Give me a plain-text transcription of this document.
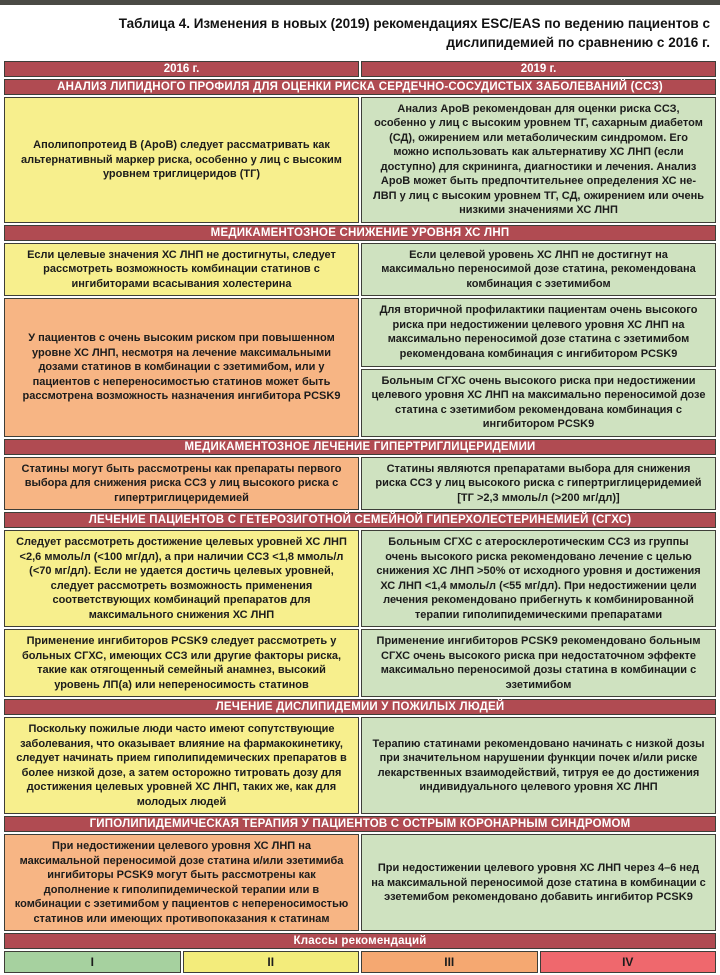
Таблица 4. Изменения в новых (2019) рекомендациях ESC/EAS по ведению пациентов с дислипидемией по сравнению с 2016 г.
2016 г.	2019 г.
АНАЛИЗ ЛИПИДНОГО ПРОФИЛЯ ДЛЯ ОЦЕНКИ РИСКА СЕРДЕЧНО-СОСУДИСТЫХ ЗАБОЛЕВАНИЙ (ССЗ)	
Аполипопротеид В (АроВ) следует рассматривать как альтернативный маркер риска, особенно у лиц с высоким уровнем триглицеридов (ТГ)	Анализ АроВ рекомендован для оценки риска ССЗ, особенно у лиц с высоким уровнем ТГ, сахарным диабетом (СД), ожирением или метаболическим синдромом. Его можно использовать как альтернативу ХС ЛНП (если доступно) для скрининга, диагностики и лечения. Анализ АроВ может быть предпочтительнее определения ХС не-ЛВП у лиц с высоким уровнем ТГ, СД, ожирением или очень низкими значениями ХС ЛНП
МЕДИКАМЕНТОЗНОЕ СНИЖЕНИЕ УРОВНЯ ХС ЛНП	
Если целевые значения ХС ЛНП не достигнуты, следует рассмотреть возможность комбинации статинов с ингибиторами всасывания холестерина	Если целевой уровень ХС ЛНП не достигнут на максимально переносимой дозе статина, рекомендована комбинация с эзетимибом
У пациентов с очень высоким риском при повышенном уровне ХС ЛНП, несмотря на лечение максимальными дозами статинов в комбинации с эзетимибом, или у пациентов с непереносимостью статинов может быть рассмотрена возможность назначения ингибитора PCSK9	Для вторичной профилактики пациентам очень высокого риска при недостижении целевого уровня ХС ЛНП на максимально переносимой дозе статина с эзетимибом рекомендована комбинация с ингибитором PCSK9
	Больным СГХС очень высокого риска при недостижении целевого уровня ХС ЛНП на максимально переносимой дозе статина с эзетимибом рекомендована комбинация с ингибитором PCSK9
МЕДИКАМЕНТОЗНОЕ ЛЕЧЕНИЕ ГИПЕРТРИГЛИЦЕРИДЕМИИ	
Статины могут быть рассмотрены как препараты первого выбора для снижения риска ССЗ у лиц высокого риска с гипертриглицеридемией	Статины являются препаратами выбора для снижения риска ССЗ у лиц высокого риска с гипертриглицеридемией [ТГ >2,3 ммоль/л (>200 мг/дл)]
ЛЕЧЕНИЕ ПАЦИЕНТОВ С ГЕТЕРОЗИГОТНОЙ СЕМЕЙНОЙ ГИПЕРХОЛЕСТЕРИНЕМИЕЙ (СГХС)	
Следует рассмотреть достижение целевых уровней ХС ЛНП <2,6 ммоль/л (<100 мг/дл), а при наличии ССЗ <1,8 ммоль/л (<70 мг/дл). Если не удается достичь целевых уровней, следует рассмотреть возможность применения соответствующих комбинаций препаратов для максимального снижения ХС ЛНП	Больным СГХС с атеросклеротическим ССЗ из группы очень высокого риска рекомендовано лечение с целью снижения ХС ЛНП >50% от исходного уровня и достижения ХС ЛНП <1,4 ммоль/л (<55 мг/дл). При недостижении цели лечения рекомендовано прибегнуть к комбинированной терапии гиполипидемическими препаратами
Применение ингибиторов PCSK9 следует рассмотреть у больных СГХС, имеющих ССЗ или другие факторы риска, такие как отягощенный семейный анамнез, высокий уровень ЛП(а) или непереносимость статинов	Применение ингибиторов PCSK9 рекомендовано больным СГХС очень высокого риска при недостаточном эффекте максимально переносимой дозы статина в комбинации с эзетимибом
ЛЕЧЕНИЕ ДИСЛИПИДЕМИИ У ПОЖИЛЫХ ЛЮДЕЙ	
Поскольку пожилые люди часто имеют сопутствующие заболевания, что оказывает влияние на фармакокинетику, следует начинать прием гиполипидемических препаратов в более низкой дозе, а затем осторожно титровать дозу для достижения целевых уровней ХС ЛНП, таких же, как для молодых людей	Терапию статинами рекомендовано начинать с низкой дозы при значительном нарушении функции почек и/или риске лекарственных взаимодействий, титруя ее до достижения индивидуального целевого уровня ХС ЛНП
ГИПОЛИПИДЕМИЧЕСКАЯ ТЕРАПИЯ У ПАЦИЕНТОВ С ОСТРЫМ КОРОНАРНЫМ СИНДРОМОМ	
При недостижении целевого уровня ХС ЛНП на максимальной переносимой дозе статина и/или эзетимиба ингибиторы PCSK9 могут быть рассмотрены как дополнение к гиполипидемической терапии или в комбинации с эзетимибом у пациентов с непереносимостью статинов или имеющих противопоказания к статинам	При недостижении целевого уровня ХС ЛНП через 4–6 нед на максимальной переносимой дозе статина в комбинации с эзетемибом рекомендовано добавить ингибитор PCSK9
Классы рекомендаций	

I II III IV	
